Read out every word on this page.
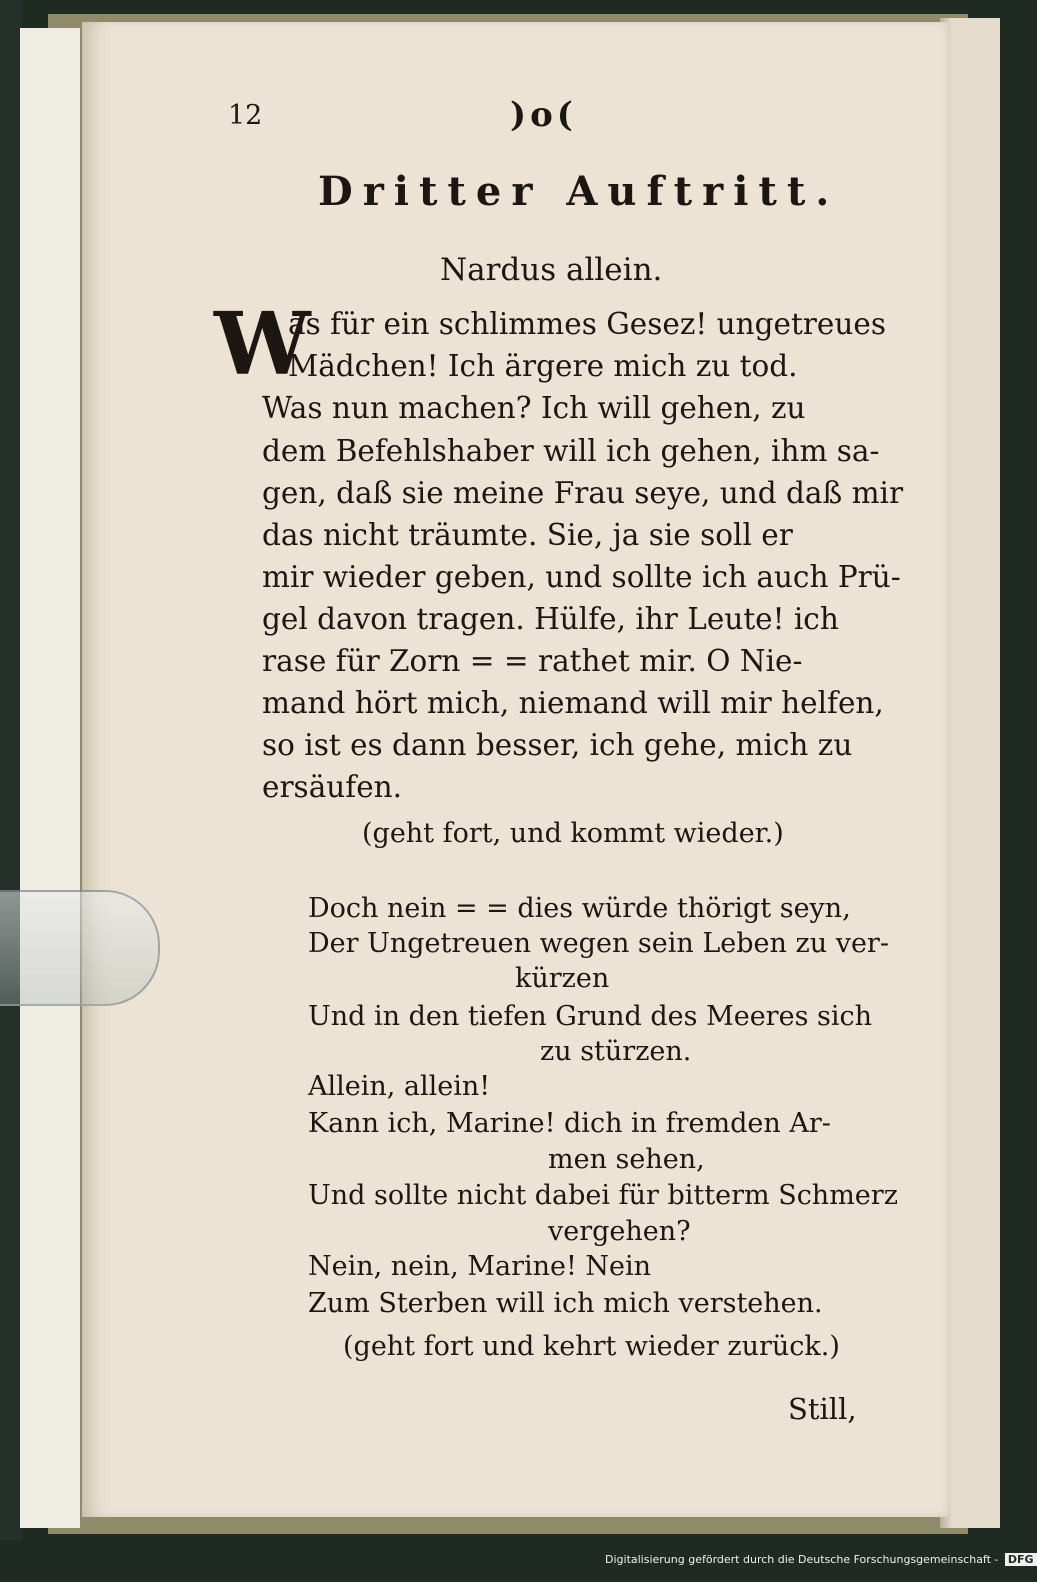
12	)o(
Dritter Auftritt.
Nardus allein.
W
as für ein schlimmes Gesez! ungetreues
Mädchen! Ich ärgere mich zu tod.
Was nun machen? Ich will gehen, zu
dem Befehlshaber will ich gehen, ihm sa-
gen, daß sie meine Frau seye, und daß mir
das nicht träumte. Sie, ja sie soll er
mir wieder geben, und sollte ich auch Prü-
gel davon tragen. Hülfe, ihr Leute! ich
rase für Zorn = = rathet mir. O Nie-
mand hört mich, niemand will mir helfen,
so ist es dann besser, ich gehe, mich zu
ersäufen.
(geht fort, und kommt wieder.)
Doch nein = = dies würde thörigt seyn,
Der Ungetreuen wegen sein Leben zu ver-
kürzen
Und in den tiefen Grund des Meeres sich
zu stürzen.
Allein, allein!
Kann ich, Marine! dich in fremden Ar-
men sehen,
Und sollte nicht dabei für bitterm Schmerz
vergehen?
Nein, nein, Marine! Nein
Zum Sterben will ich mich verstehen.
(geht fort und kehrt wieder zurück.)
Still,
Digitalisierung gefördert durch die Deutsche Forschungsgemeinschaft - DFG
